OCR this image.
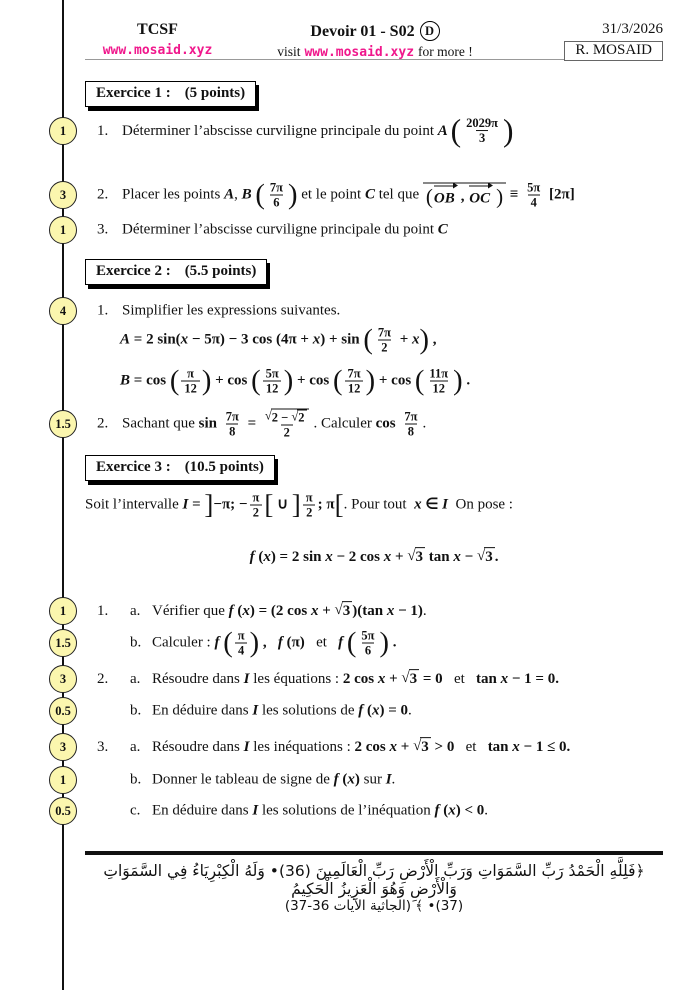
TCSF
www.mosaid.xyz
Devoir 01 - S02 D
visit www.mosaid.xyz for more !
31/3/2026
R. MOSAID
1
3
1
4
1.5
1
1.5
3
0.5
3
1
0.5
Exercice 1 : (5 points)
Exercice 2 : (5.5 points)
Exercice 3 : (10.5 points)
1. Déterminer l’abscisse curviligne principale du point A ( $\frac{2029\pi}{3}$ )
2. Placer les points A , B ( $\frac{7\pi}{6}$ ) et le point C tel que ( OB , OC ) ≡ $\frac{5\pi}{4} [2\pi]$
3. Déterminer l’abscisse curviligne principale du point C
1. Simplifier les expressions suivantes.
A = 2 sin( x − 5π) − 3 cos (4π + x ) + sin ( $\frac{7\pi}{2} + x$ ) ,
B = cos ( $\frac{\pi}{12}$ ) + cos ( $\frac{5\pi}{12}$ ) + cos ( $\frac{7\pi}{12}$ ) + cos ( $\frac{11\pi}{12}$ ) .
2. Sachant que $\sin \frac{7\pi}{8} = \frac{√ 2 - √ 2}{2}$ . Calculer $\cos \frac{7\pi}{8}$ .
Soit l’intervalle I = ] −π; − $\frac{\pi}{2}$ [ ∪ ] $\frac{\pi}{2}$ ; π [ . Pour tout x ∈ I On pose :
f ( x ) = 2 sin x − 2 cos x + √ 3 tan x − √ 3 .
1.	a. Vérifier que f ( x ) = (2 cos x + √ 3 )(tan x − 1) .
b. Calculer : f ( $\frac{\pi}{4}$ ) ,
f (π) et f ( $\frac{5\pi}{6}$ ) .
2.	a. Résoudre dans I les équations : 2 cos x + √ 3 = 0 et tan x − 1 = 0.
b. En déduire dans I les solutions de f ( x ) = 0 .
3.	a. Résoudre dans I les inéquations : 2 cos x + √ 3 > 0 et tan x − 1 ≤ 0.
b. Donner le tableau de signe de f ( x ) sur I .
c. En déduire dans I les solutions de l’inéquation f ( x ) < 0 .
﴿فَلِلَّهِ الْحَمْدُ رَبِّ السَّمَوَاتِ وَرَبِّ الْأَرْضِ رَبِّ الْعَالَمِينَ (36)• وَلَهُ الْكِبْرِيَاءُ فِي السَّمَوَاتِ وَالْأَرْضِ وَهُوَ الْعَزِيزُ الْحَكِيمُ
(37)• ﴾ (الجاثية الآيات 36-37)
